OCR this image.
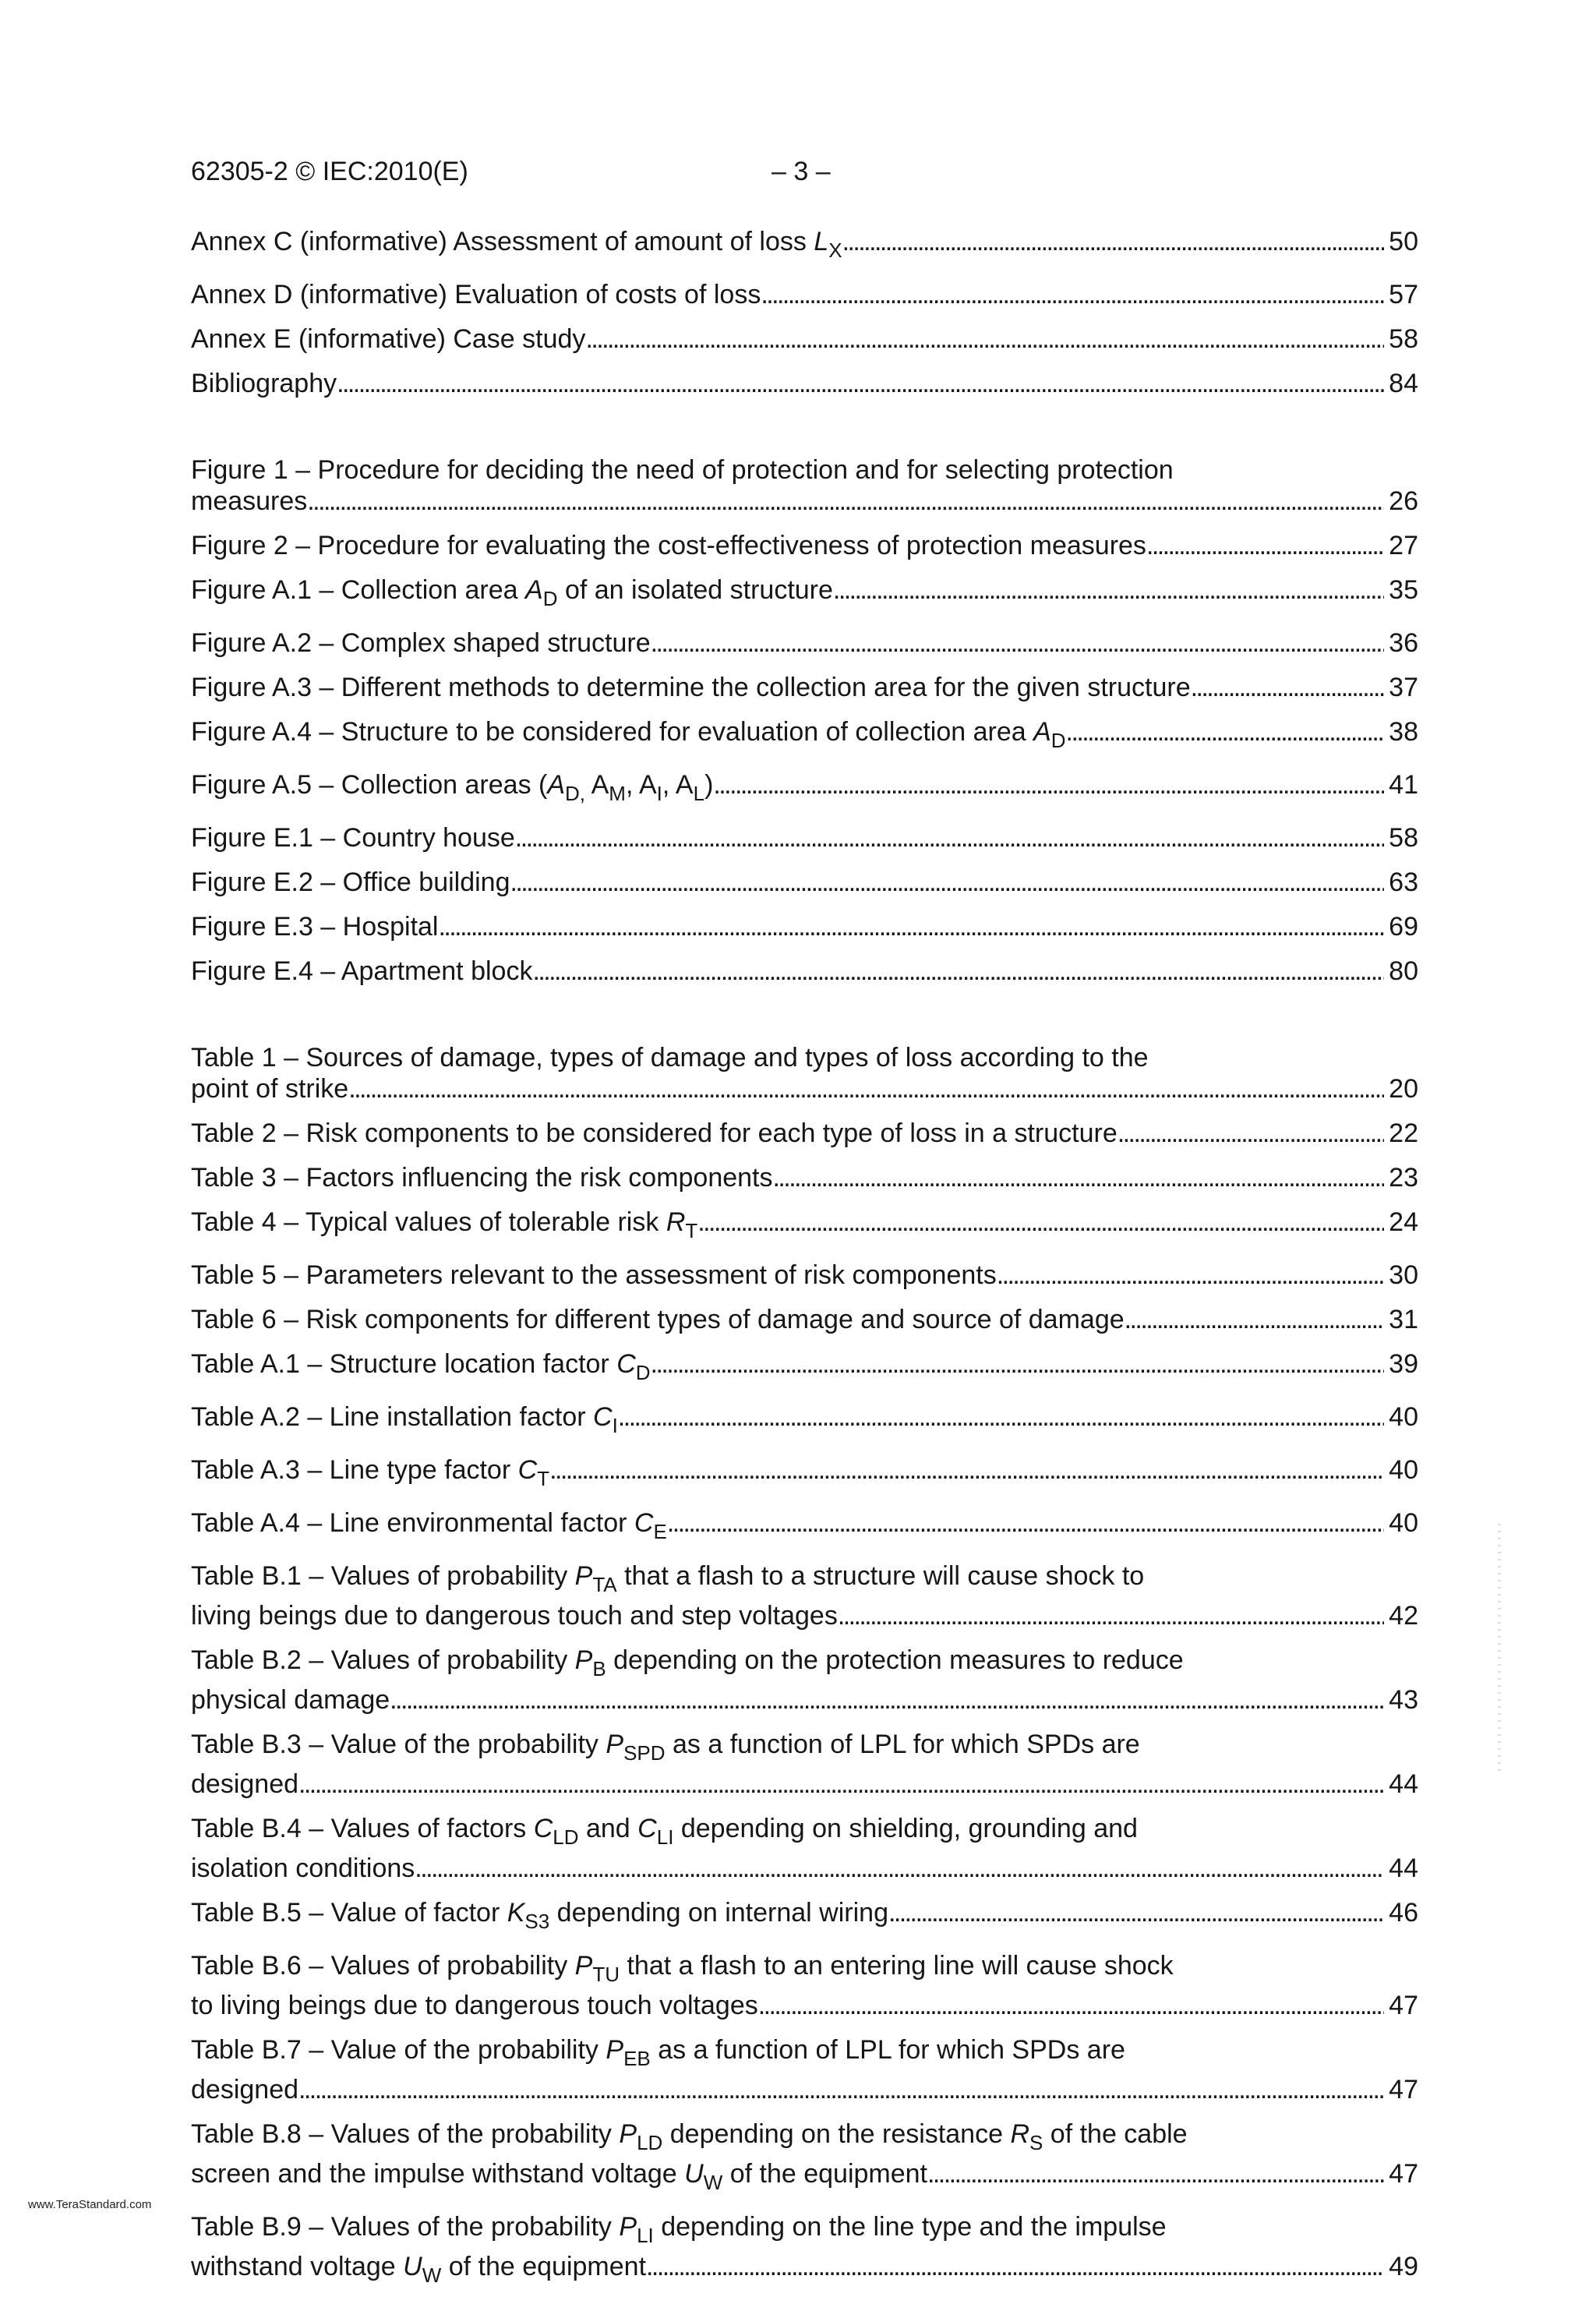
62305-2 © IEC:2010(E)	– 3 –
Annex C (informative) Assessment of amount of loss $L_X$ . . .	50
Annex D (informative) Evaluation of costs of loss . . .	57
Annex E (informative) Case study . . .	58
Bibliography . . .	84
Figure 1 – Procedure for deciding the need of protection and for selecting protection
measures . . .	26
Figure 2 – Procedure for evaluating the cost-effectiveness of protection measures . . .	27
Figure A.1 – Collection area $A_D$ of an isolated structure . . .	35
Figure A.2 – Complex shaped structure . . .	36
Figure A.3 – Different methods to determine the collection area for the given structure . . .	37
Figure A.4 – Structure to be considered for evaluation of collection area $A_D$ . . .	38
Figure A.5 – Collection areas ($A_{D,}$ $A_M$, $A_I$, $A_L$) . . .	41
Figure E.1 – Country house . . .	58
Figure E.2 – Office building . . .	63
Figure E.3 – Hospital . . .	69
Figure E.4 – Apartment block . . .	80
Table 1 – Sources of damage, types of damage and types of loss according to the
point of strike . . .	20
Table 2 – Risk components to be considered for each type of loss in a structure . . .	22
Table 3 – Factors influencing the risk components . . .	23
Table 4 – Typical values of tolerable risk $R_T$ . . .	24
Table 5 – Parameters relevant to the assessment of risk components . . .	30
Table 6 – Risk components for different types of damage and source of damage . . .	31
Table A.1 – Structure location factor $C_D$ . . .	39
Table A.2 – Line installation factor $C_I$ . . .	40
Table A.3 – Line type factor $C_T$ . . .	40
Table A.4 – Line environmental factor $C_E$ . . .	40
Table B.1 – Values of probability $P_{TA}$ that a flash to a structure will cause shock to
living beings due to dangerous touch and step voltages . . .	42
Table B.2 – Values of probability $P_B$ depending on the protection measures to reduce
physical damage . . .	43
Table B.3 – Value of the probability $P_{SPD}$ as a function of LPL for which SPDs are
designed . . .	44
Table B.4 – Values of factors $C_{LD}$ and $C_{LI}$ depending on shielding, grounding and
isolation conditions . . .	44
Table B.5 – Value of factor $K_{S3}$ depending on internal wiring . . .	46
Table B.6 – Values of probability $P_{TU}$ that a flash to an entering line will cause shock
to living beings due to dangerous touch voltages . . .	47
Table B.7 – Value of the probability $P_{EB}$ as a function of LPL for which SPDs are
designed . . .	47
Table B.8 – Values of the probability $P_{LD}$ depending on the resistance $R_S$ of the cable
screen and the impulse withstand voltage $U_W$ of the equipment . . .	47
Table B.9 – Values of the probability $P_{LI}$ depending on the line type and the impulse
withstand voltage $U_W$ of the equipment . . .	49
www.TeraStandard.com
